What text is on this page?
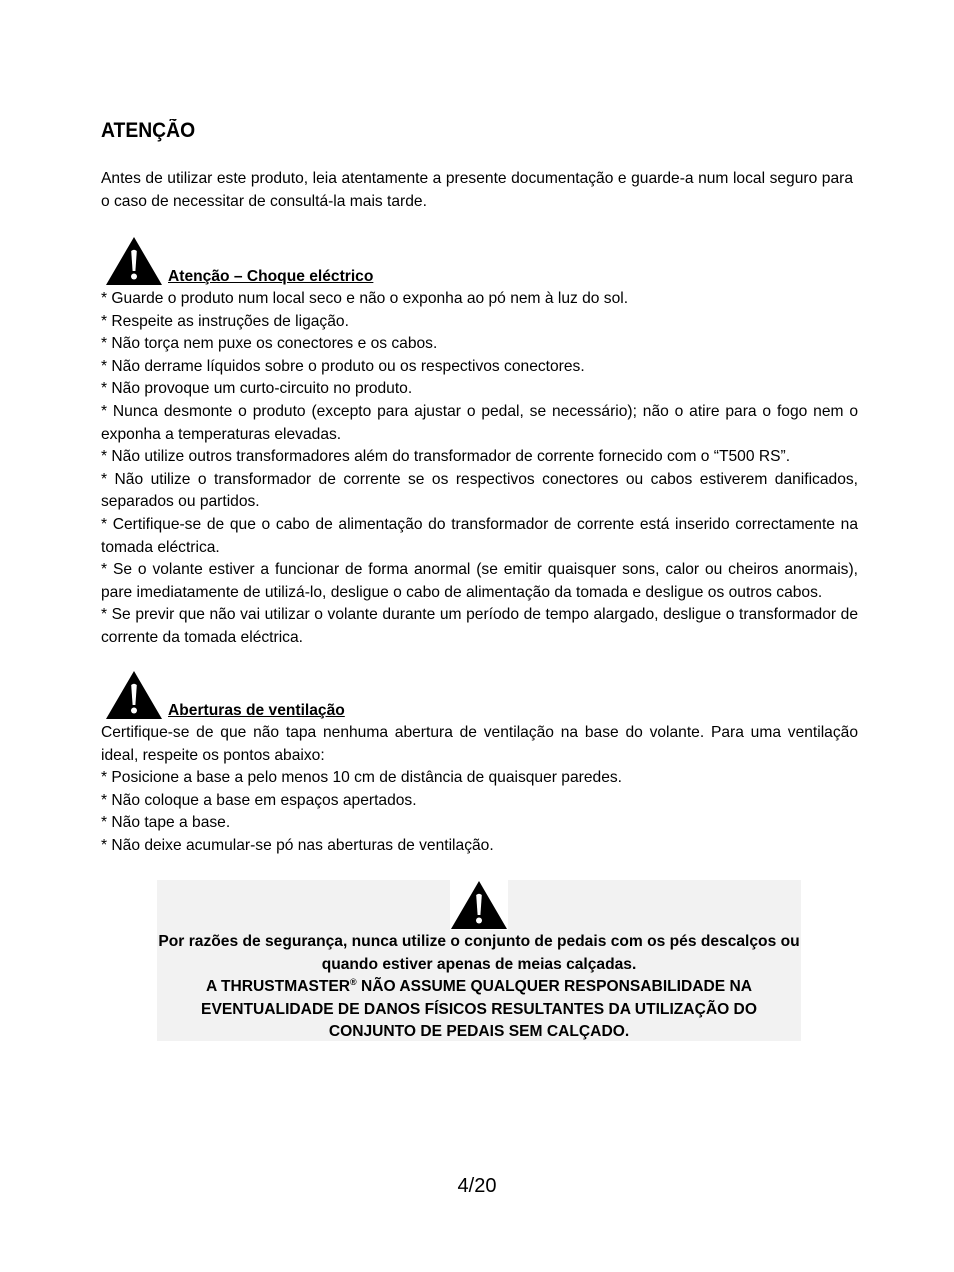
ATENÇÃO

Antes de utilizar este produto, leia atentamente a presente documentação e guarde-a num local seguro para o caso de necessitar de consultá-la mais tarde.

Atenção – Choque eléctrico

* Guarde o produto num local seco e não o exponha ao pó nem à luz do sol.

* Respeite as instruções de ligação.

* Não torça nem puxe os conectores e os cabos.

* Não derrame líquidos sobre o produto ou os respectivos conectores.

* Não provoque um curto-circuito no produto.

* Nunca desmonte o produto (excepto para ajustar o pedal, se necessário); não o atire para o fogo nem o exponha a temperaturas elevadas.

* Não utilize outros transformadores além do transformador de corrente fornecido com o “T500 RS”.

* Não utilize o transformador de corrente se os respectivos conectores ou cabos estiverem danificados, separados ou partidos.

* Certifique-se de que o cabo de alimentação do transformador de corrente está inserido correctamente na tomada eléctrica.

* Se o volante estiver a funcionar de forma anormal (se emitir quaisquer sons, calor ou cheiros anormais), pare imediatamente de utilizá-lo, desligue o cabo de alimentação da tomada e desligue os outros cabos.

* Se previr que não vai utilizar o volante durante um período de tempo alargado, desligue o transformador de corrente da tomada eléctrica.

Aberturas de ventilação

Certifique-se de que não tapa nenhuma abertura de ventilação na base do volante. Para uma ventilação ideal, respeite os pontos abaixo:

* Posicione a base a pelo menos 10 cm de distância de quaisquer paredes.

* Não coloque a base em espaços apertados.

* Não tape a base.

* Não deixe acumular-se pó nas aberturas de ventilação.

Por razões de segurança, nunca utilize o conjunto de pedais com os pés descalços ou quando estiver apenas de meias calçadas.

A THRUSTMASTER® NÃO ASSUME QUALQUER RESPONSABILIDADE NA EVENTUALIDADE DE DANOS FÍSICOS RESULTANTES DA UTILIZAÇÃO DO CONJUNTO DE PEDAIS SEM CALÇADO.

4/20
